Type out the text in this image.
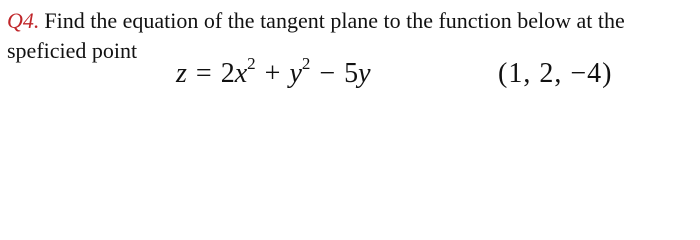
Q4. Find the equation of the tangent plane to the function below at the
speficied point
$z = 2x^2 + y^2 - 5y$	(1, 2, −4)
